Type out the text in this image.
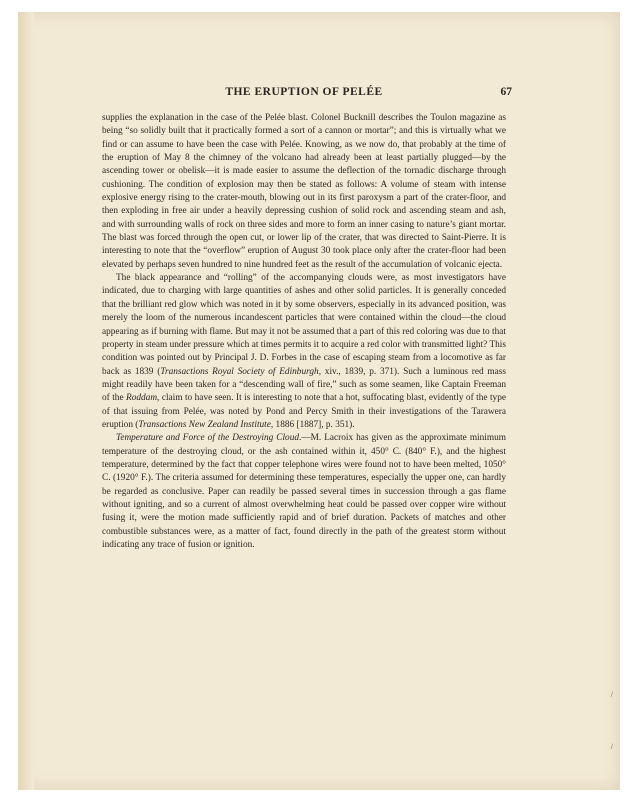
THE ERUPTION OF PELÉE	67

supplies the explanation in the case of the Pelée blast. Colonel Bucknill describes the Toulon magazine as being “so solidly built that it practically formed a sort of a cannon or mortar”; and this is virtually what we find or can assume to have been the case with Pelée. Knowing, as we now do, that probably at the time of the eruption of May 8 the chimney of the volcano had already been at least partially plugged—by the ascending tower or obelisk—it is made easier to assume the deflection of the tornadic discharge through cushioning. The condition of explosion may then be stated as follows: A volume of steam with intense explosive energy rising to the crater-mouth, blowing out in its first paroxysm a part of the crater-floor, and then exploding in free air under a heavily depressing cushion of solid rock and ascending steam and ash, and with surrounding walls of rock on three sides and more to form an inner casing to nature’s giant mortar. The blast was forced through the open cut, or lower lip of the crater, that was directed to Saint-Pierre. It is interesting to note that the “overflow” eruption of August 30 took place only after the crater-floor had been elevated by perhaps seven hundred to nine hundred feet as the result of the accumulation of volcanic ejecta.

The black appearance and “rolling” of the accompanying clouds were, as most investigators have indicated, due to charging with large quantities of ashes and other solid particles. It is generally conceded that the brilliant red glow which was noted in it by some observers, especially in its advanced position, was merely the loom of the numerous incandescent particles that were contained within the cloud—the cloud appearing as if burning with flame. But may it not be assumed that a part of this red coloring was due to that property in steam under pressure which at times permits it to acquire a red color with transmitted light? This condition was pointed out by Principal J. D. Forbes in the case of escaping steam from a locomotive as far back as 1839 (Transactions Royal Society of Edinburgh, xiv., 1839, p. 371). Such a luminous red mass might readily have been taken for a “descending wall of fire,” such as some seamen, like Captain Freeman of the Roddam, claim to have seen. It is interesting to note that a hot, suffocating blast, evidently of the type of that issuing from Pelée, was noted by Pond and Percy Smith in their investigations of the Tarawera eruption (Transactions New Zealand Institute, 1886 [1887], p. 351).

Temperature and Force of the Destroying Cloud.—M. Lacroix has given as the approximate minimum temperature of the destroying cloud, or the ash contained within it, 450° C. (840° F.), and the highest temperature, determined by the fact that copper telephone wires were found not to have been melted, 1050° C. (1920° F.). The criteria assumed for determining these temperatures, especially the upper one, can hardly be regarded as conclusive. Paper can readily be passed several times in succession through a gas flame without igniting, and so a current of almost overwhelming heat could be passed over copper wire without fusing it, were the motion made sufficiently rapid and of brief duration. Packets of matches and other combustible substances were, as a matter of fact, found directly in the path of the greatest storm without indicating any trace of fusion or ignition.

/
/
